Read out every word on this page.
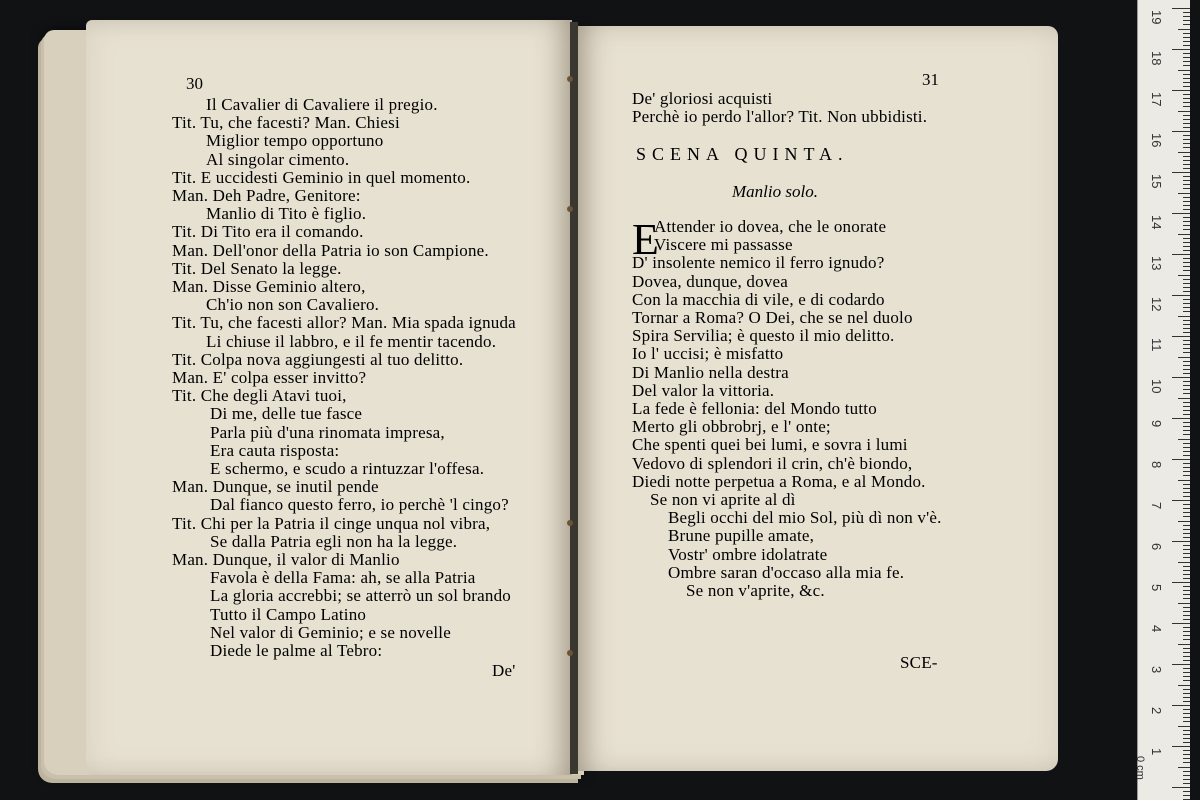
30
Il Cavalier di Cavaliere il pregio.
Tit. Tu, che facesti? Man. Chiesi
Miglior tempo opportuno
Al singolar cimento.
Tit. E uccidesti Geminio in quel momento.
Man. Deh Padre, Genitore:
Manlio di Tito è figlio.
Tit. Di Tito era il comando.
Man. Dell'onor della Patria io son Campione.
Tit. Del Senato la legge.
Man. Disse Geminio altero,
Ch'io non son Cavaliero.
Tit. Tu, che facesti allor? Man. Mia spada ignuda
Li chiuse il labbro, e il fe mentir tacendo.
Tit. Colpa nova aggiungesti al tuo delitto.
Man. E' colpa esser invitto?
Tit. Che degli Atavi tuoi,
Di me, delle tue fasce
Parla più d'una rinomata impresa,
Era cauta risposta:
E schermo, e scudo a rintuzzar l'offesa.
Man. Dunque, se inutil pende
Dal fianco questo ferro, io perchè 'l cingo?
Tit. Chi per la Patria il cinge unqua nol vibra,
Se dalla Patria egli non ha la legge.
Man. Dunque, il valor di Manlio
Favola è della Fama: ah, se alla Patria
La gloria accrebbi; se atterrò un sol brando
Tutto il Campo Latino
Nel valor di Geminio; e se novelle
Diede le palme al Tebro:
De'
31
De' gloriosi acquisti
Perchè io perdo l'allor? Tit. Non ubbidisti.
SCENA QUINTA.
Manlio solo.
E
Attender io dovea, che le onorate
Viscere mi passasse
D' insolente nemico il ferro ignudo?
Dovea, dunque, dovea
Con la macchia di vile, e di codardo
Tornar a Roma? O Dei, che se nel duolo
Spira Servilia; è questo il mio delitto.
Io l' uccisi; è misfatto
Di Manlio nella destra
Del valor la vittoria.
La fede è fellonia: del Mondo tutto
Merto gli obbrobrj, e l' onte;
Che spenti quei bei lumi, e sovra i lumi
Vedovo di splendori il crin, ch'è biondo,
Diedi notte perpetua a Roma, e al Mondo.
Se non vi aprite al dì
Begli occhi del mio Sol, più dì non v'è.
Brune pupille amate,
Vostr' ombre idolatrate
Ombre saran d'occaso alla mia fe.
Se non v'aprite, &c.
SCE-
0 cm
19
18
17
16
15
14
13
12
11
10
9
8
7
6
5
4
3
2
1
